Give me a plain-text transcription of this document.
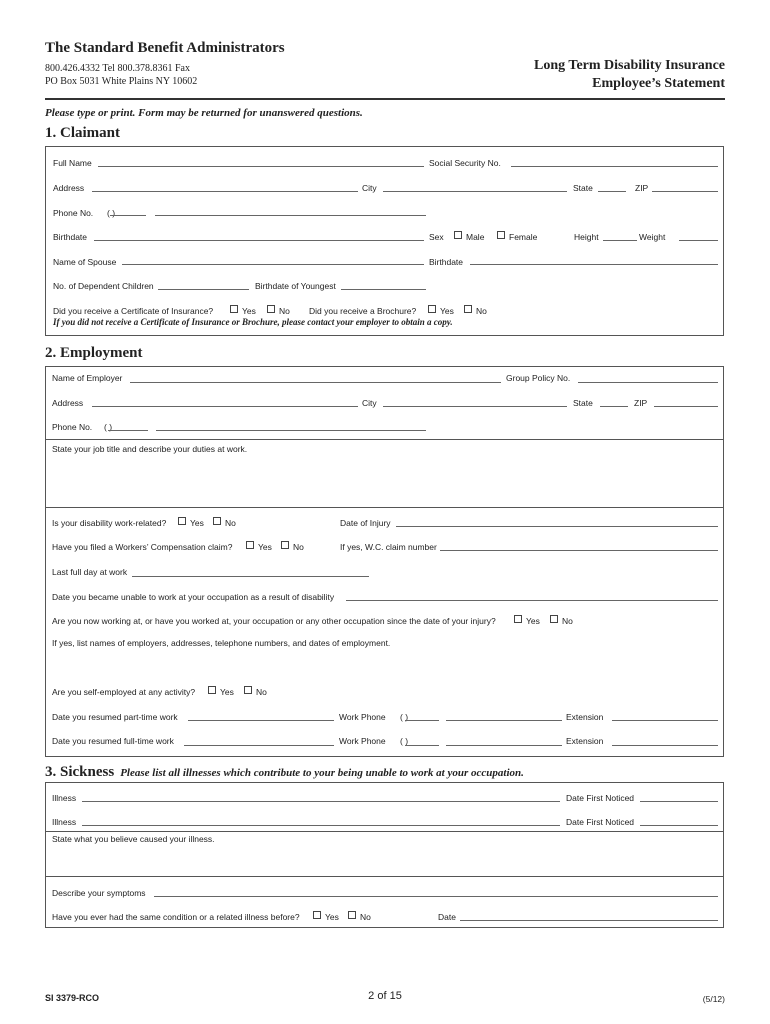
The Standard Benefit Administrators
800.426.4332 Tel 800.378.8361 Fax
PO Box 5031 White Plains NY 10602
Long Term Disability Insurance
Employee’s Statement
Please type or print. Form may be returned for unanswered questions.
1. Claimant
Full Name	Social Security No.
Address	City	State	ZIP
Phone No. ( )
Birthdate	Sex	Male	Female	Height	Weight
Name of Spouse	Birthdate
No. of Dependent Children	Birthdate of Youngest
Did you receive a Certificate of Insurance?	Yes	No Did you receive a Brochure?	Yes	No
If you did not receive a Certificate of Insurance or Brochure, please contact your employer to obtain a copy.
2. Employment
Name of Employer	Group Policy No.
Address	City	State	ZIP
Phone No. ( )
State your job title and describe your duties at work.
Is your disability work-related?	Yes No	Date of Injury
Have you filed a Workers’ Compensation claim?	Yes No	If yes, W.C. claim number
Last full day at work
Date you became unable to work at your occupation as a result of disability
Are you now working at, or have you worked at, your occupation or any other occupation since the date of your injury?	Yes	No
If yes, list names of employers, addresses, telephone numbers, and dates of employment.
Are you self-employed at any activity?	Yes	No
Date you resumed part-time work	Work Phone ( )	Extension
Date you resumed full-time work	Work Phone ( )	Extension
3. Sickness Please list all illnesses which contribute to your being unable to work at your occupation.
Illness	Date First Noticed
Illness	Date First Noticed
State what you believe caused your illness.
Describe your symptoms
Have you ever had the same condition or a related illness before?	Yes No	Date
SI 3379-RCO	2 of 15	(5/12)
